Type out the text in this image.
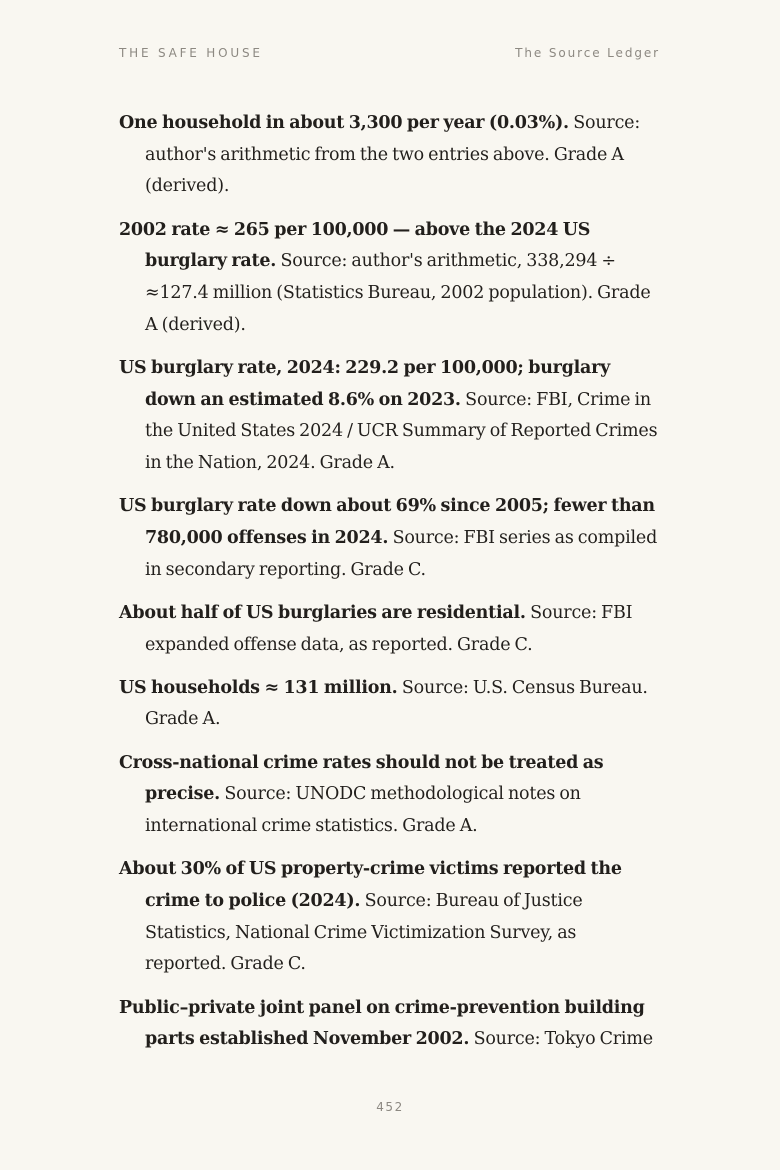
THE SAFE HOUSE	The Source Ledger
One household in about 3,300 per year (0.03%). Source: author's arithmetic from the two entries above. Grade A (derived).
2002 rate ≈ 265 per 100,000 — above the 2024 US burglary rate. Source: author's arithmetic, 338,294 ÷ ≈127.4 million (Statistics Bureau, 2002 population). Grade A (derived).
US burglary rate, 2024: 229.2 per 100,000; burglary down an estimated 8.6% on 2023. Source: FBI, Crime in the United States 2024 / UCR Summary of Reported Crimes in the Nation, 2024. Grade A.
US burglary rate down about 69% since 2005; fewer than 780,000 offenses in 2024. Source: FBI series as compiled in secondary reporting. Grade C.
About half of US burglaries are residential. Source: FBI expanded offense data, as reported. Grade C.
US households ≈ 131 million. Source: U.S. Census Bureau. Grade A.
Cross-national crime rates should not be treated as precise. Source: UNODC methodological notes on international crime statistics. Grade A.
About 30% of US property-crime victims reported the crime to police (2024). Source: Bureau of Justice Statistics, National Crime Victimization Survey, as reported. Grade C.
Public–private joint panel on crime-prevention building parts established November 2002. Source: Tokyo Crime
452
